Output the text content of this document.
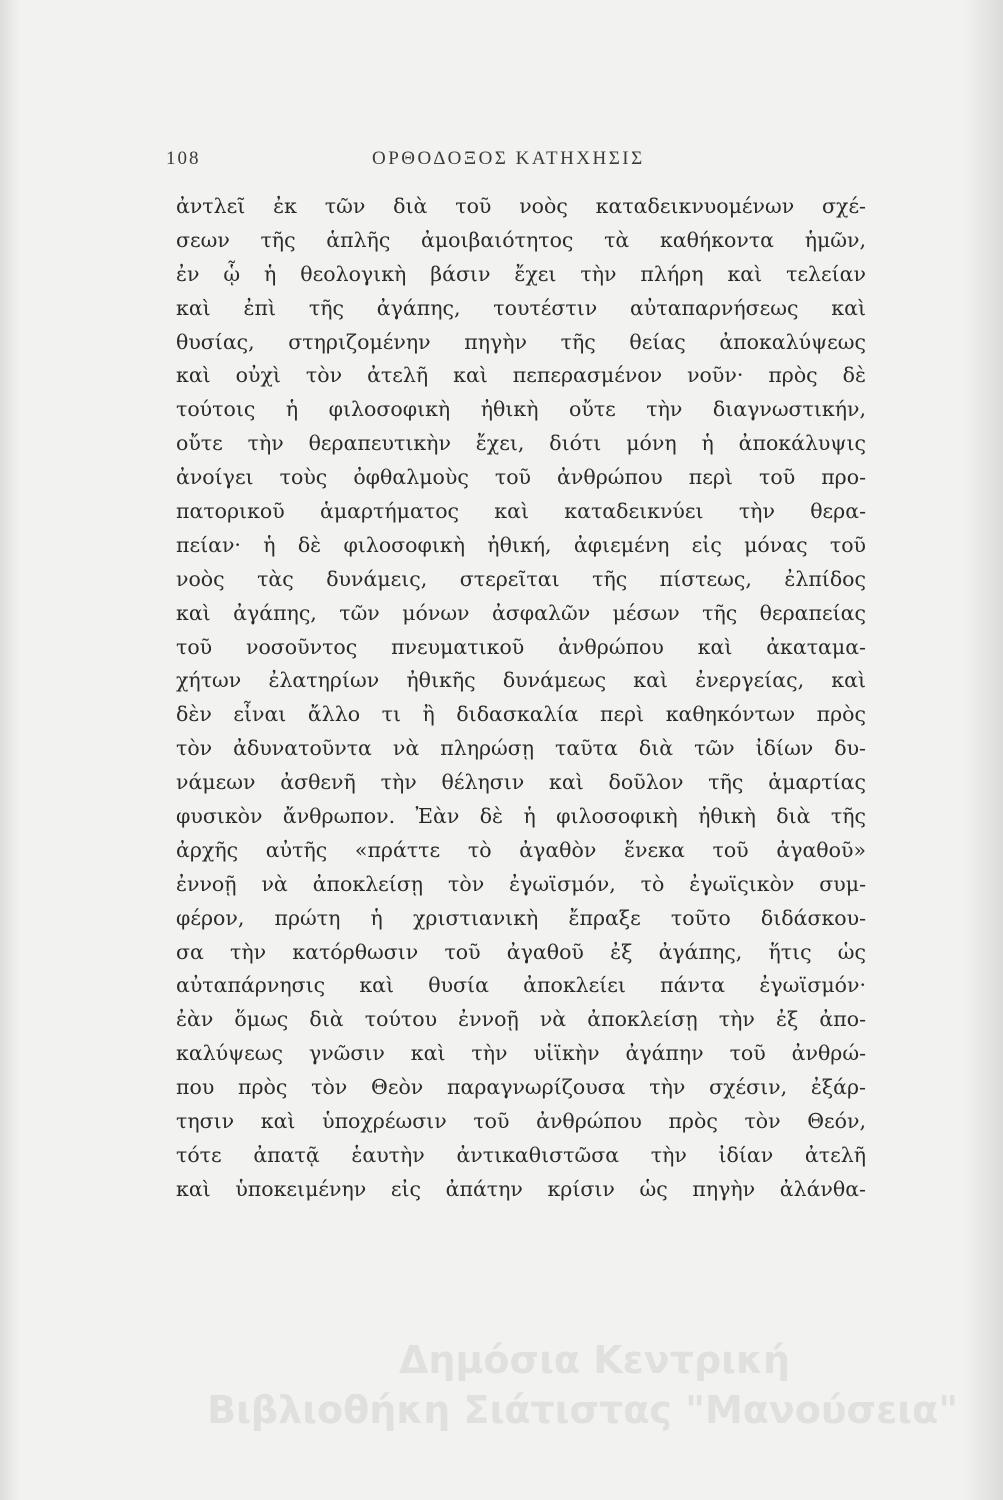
108	ΟΡΘΟΔΟΞΟΣ ΚΑΤΗΧΗΣΙΣ
ἀντλεῖ ἐκ τῶν διὰ τοῦ νοὸς καταδεικνυομένων σχέ-
σεων τῆς ἁπλῆς ἀμοιβαιότητος τὰ καθήκοντα ἡμῶν,
ἐν ᾧ ἡ θεολογικὴ βάσιν ἔχει τὴν πλήρη καὶ τελείαν
καὶ ἐπὶ τῆς ἀγάπης, τουτέστιν αὐταπαρνήσεως καὶ
θυσίας, στηριζομένην πηγὴν τῆς θείας ἀποκαλύψεως
καὶ οὐχὶ τὸν ἀτελῆ καὶ πεπερασμένον νοῦν· πρὸς δὲ
τούτοις ἡ φιλοσοφικὴ ἠθικὴ οὔτε τὴν διαγνωστικήν,
οὔτε τὴν θεραπευτικὴν ἔχει, διότι μόνη ἡ ἀποκάλυψις
ἀνοίγει τοὺς ὀφθαλμοὺς τοῦ ἀνθρώπου περὶ τοῦ προ-
πατορικοῦ ἁμαρτήματος καὶ καταδεικνύει τὴν θερα-
πείαν· ἡ δὲ φιλοσοφικὴ ἠθική, ἀφιεμένη εἰς μόνας τοῦ
νοὸς τὰς δυνάμεις, στερεῖται τῆς πίστεως, ἐλπίδος
καὶ ἀγάπης, τῶν μόνων ἀσφαλῶν μέσων τῆς θεραπείας
τοῦ νοσοῦντος πνευματικοῦ ἀνθρώπου καὶ ἀκαταμα-
χήτων ἐλατηρίων ἠθικῆς δυνάμεως καὶ ἐνεργείας, καὶ
δὲν εἶναι ἄλλο τι ἢ διδασκαλία περὶ καθηκόντων πρὸς
τὸν ἀδυνατοῦντα νὰ πληρώσῃ ταῦτα διὰ τῶν ἰδίων δυ-
νάμεων ἀσθενῆ τὴν θέλησιν καὶ δοῦλον τῆς ἁμαρτίας
φυσικὸν ἄνθρωπον. Ἐὰν δὲ ἡ φιλοσοφικὴ ἠθικὴ διὰ τῆς
ἀρχῆς αὐτῆς «πράττε τὸ ἀγαθὸν ἕνεκα τοῦ ἀγαθοῦ»
ἐννοῇ νὰ ἀποκλείσῃ τὸν ἐγωϊσμόν, τὸ ἐγωϊςικὸν συμ-
φέρον, πρώτη ἡ χριστιανικὴ ἔπραξε τοῦτο διδάσκου-
σα τὴν κατόρθωσιν τοῦ ἀγαθοῦ ἐξ ἀγάπης, ἥτις ὡς
αὐταπάρνησις καὶ θυσία ἀποκλείει πάντα ἐγωϊσμόν·
ἐὰν ὅμως διὰ τούτου ἐννοῇ νὰ ἀποκλείσῃ τὴν ἐξ ἀπο-
καλύψεως γνῶσιν καὶ τὴν υἱϊκὴν ἀγάπην τοῦ ἀνθρώ-
που πρὸς τὸν Θεὸν παραγνωρίζουσα τὴν σχέσιν, ἐξάρ-
τησιν καὶ ὑποχρέωσιν τοῦ ἀνθρώπου πρὸς τὸν Θεόν,
τότε ἀπατᾷ ἑαυτὴν ἀντικαθιστῶσα τὴν ἰδίαν ἀτελῆ
καὶ ὑποκειμένην εἰς ἀπάτην κρίσιν ὡς πηγὴν ἀλάνθα-
Δημόσια Κεντρική
Βιβλιοθήκη Σιάτιστας "Μανούσεια"
